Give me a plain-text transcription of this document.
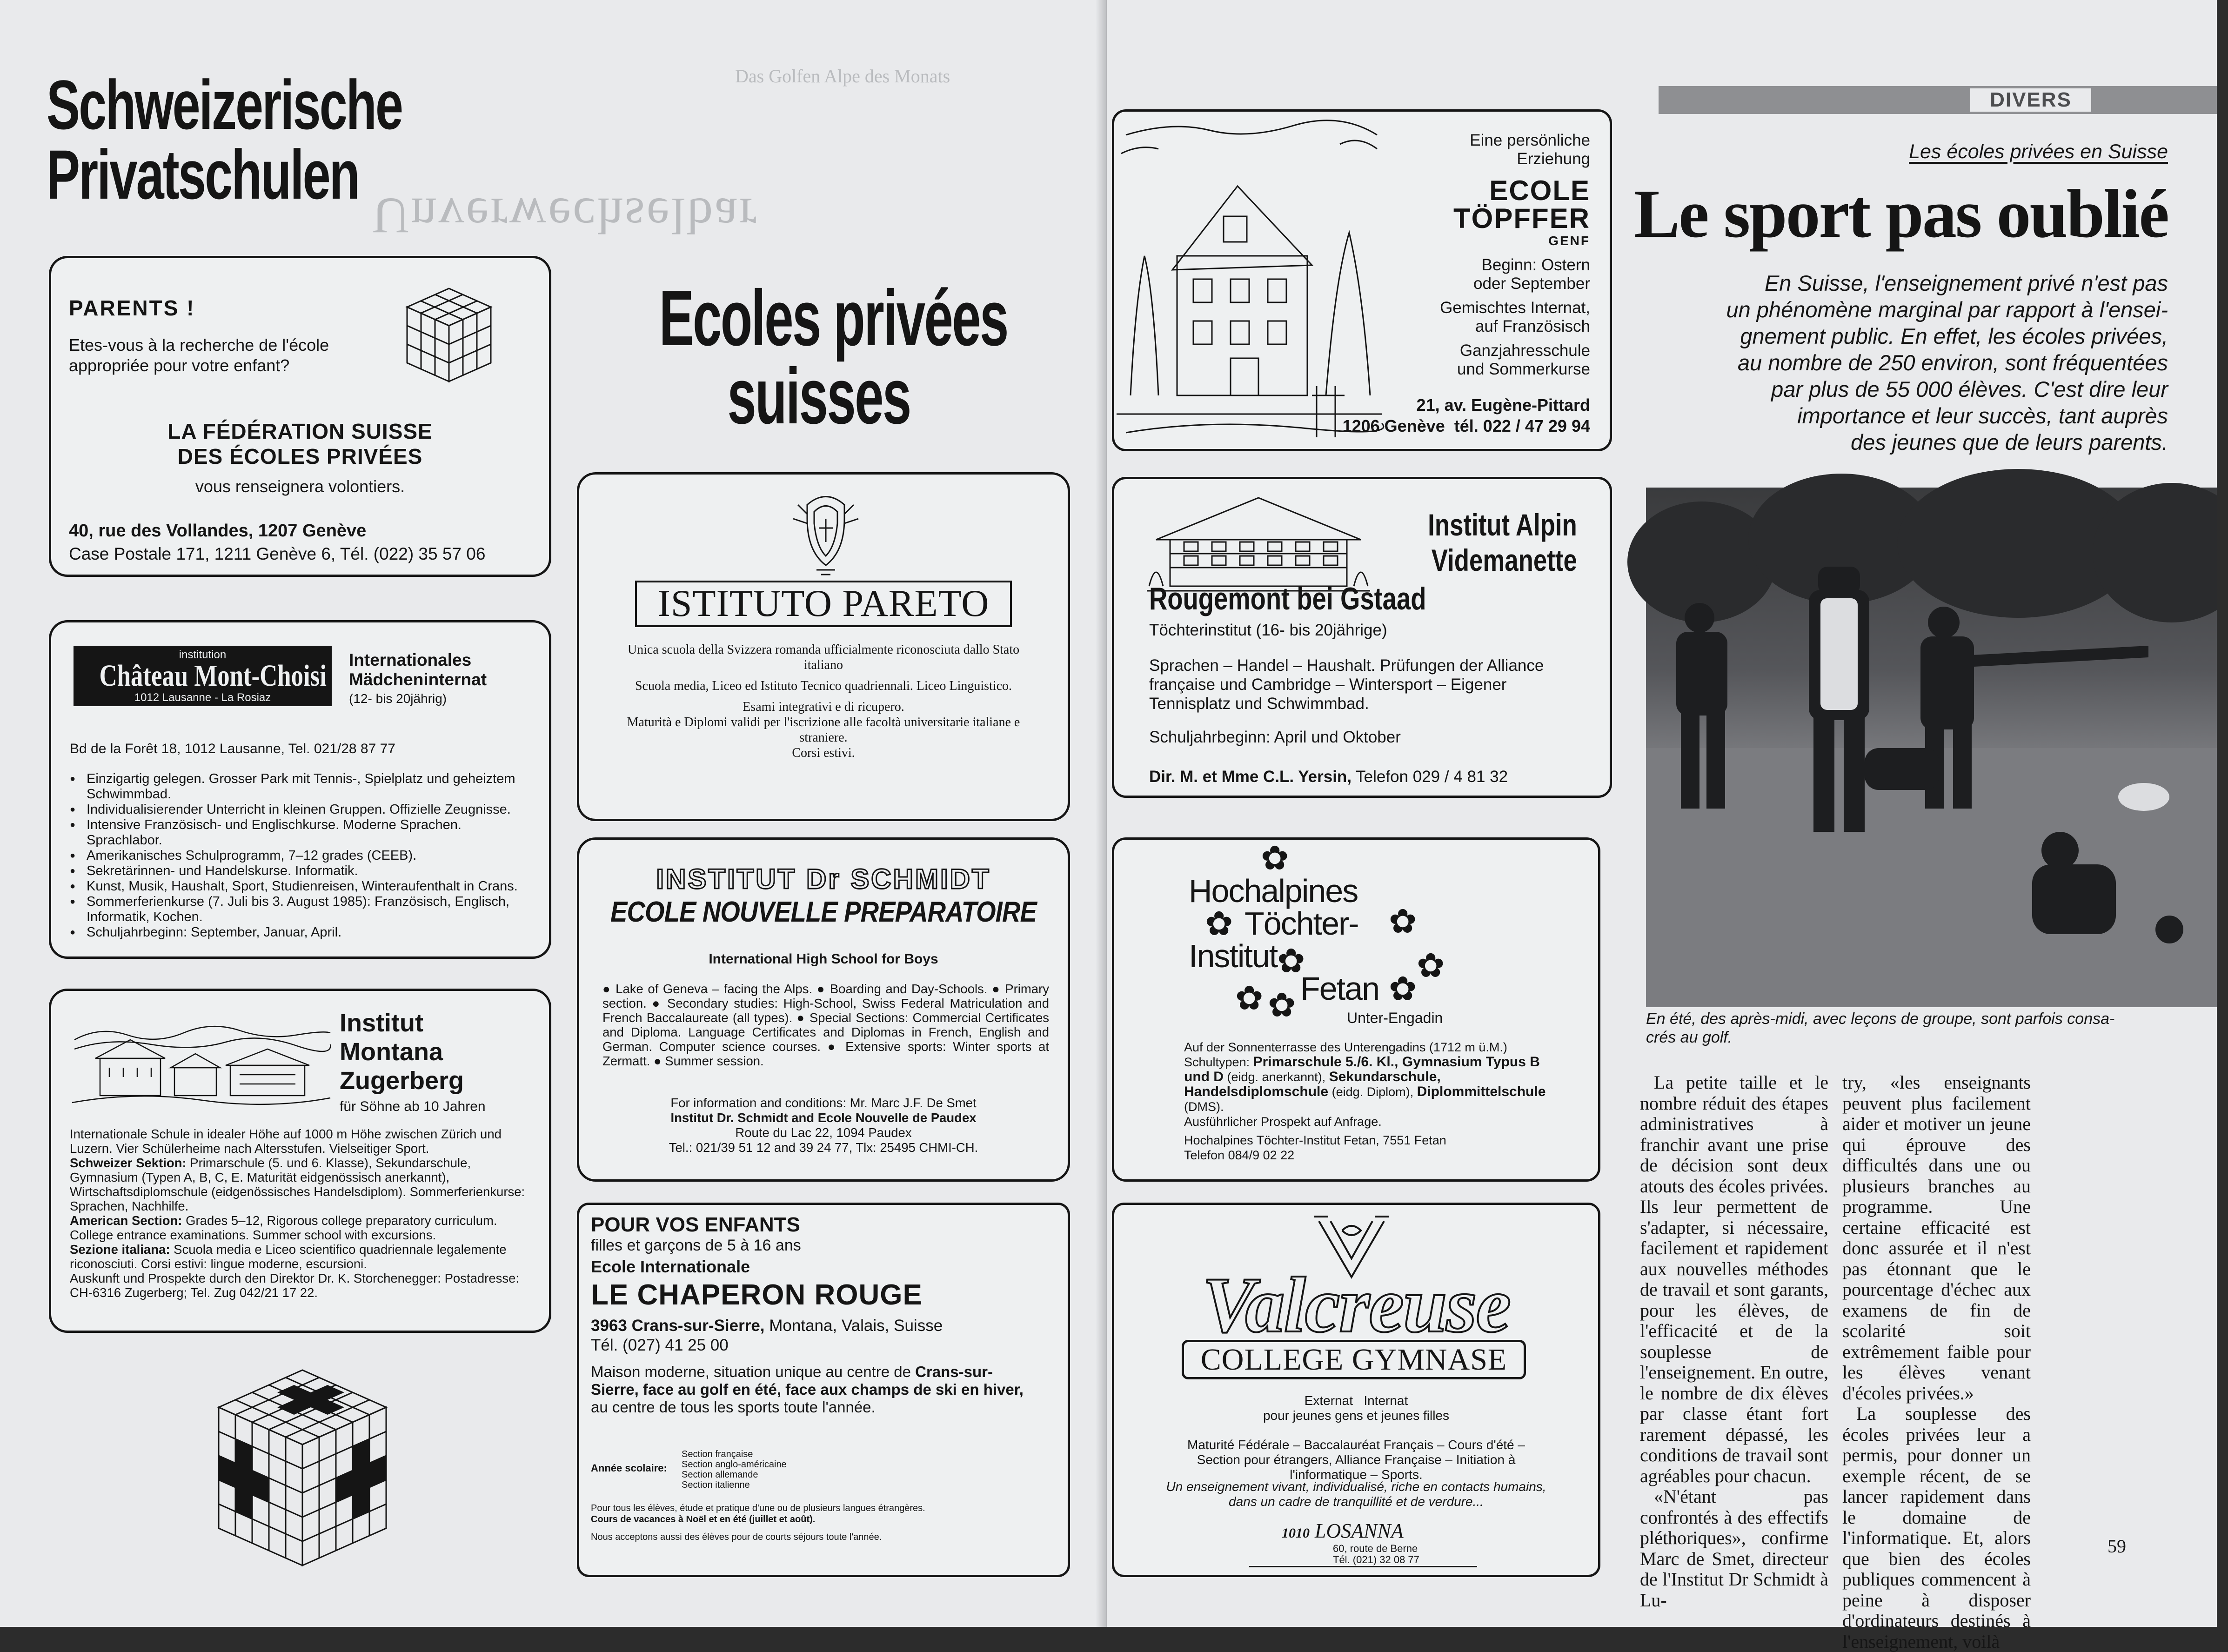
Das Golfen Alpe des Monats
Unverwechselbar
Schweizerische
Privatschulen
Ecoles privées
suisses
PARENTS !
Etes-vous à la recherche de l'école
appropriée pour votre enfant?
LA FÉDÉRATION SUISSE
DES ÉCOLES PRIVÉES
vous renseignera volontiers.
40, rue des Vollandes, 1207 Genève
Case Postale 171, 1211 Genève 6, Tél. (022) 35 57 06
institution
Château Mont-Choisi
1012 Lausanne - La Rosiaz
Internationales
Mädcheninternat
(12- bis 20jährig)
Bd de la Forêt 18, 1012 Lausanne, Tel. 021/28 87 77
● Einzigartig gelegen. Grosser Park mit Tennis-, Spielplatz und geheiztem Schwimmbad.
● Individualisierender Unterricht in kleinen Gruppen. Offizielle Zeugnisse.
● Intensive Französisch- und Englischkurse. Moderne Sprachen. Sprachlabor.
● Amerikanisches Schulprogramm, 7–12 grades (CEEB).
● Sekretärinnen- und Handelskurse. Informatik.
● Kunst, Musik, Haushalt, Sport, Studienreisen, Winteraufenthalt in Crans.
● Sommerferienkurse (7. Juli bis 3. August 1985): Französisch, Englisch, Informatik, Kochen.
● Schuljahrbeginn: September, Januar, April.
Institut
Montana
Zugerberg
für Söhne ab 10 Jahren
Internationale Schule in idealer Höhe auf 1000 m Höhe zwischen Zürich und Luzern. Vier Schülerheime nach Altersstufen. Vielseitiger Sport.
Schweizer Sektion: Primarschule (5. und 6. Klasse), Sekundarschule, Gymnasium (Typen A, B, C, E. Maturität eidgenössisch anerkannt), Wirtschaftsdiplomschule (eidgenössisches Handelsdiplom). Sommerferienkurse: Sprachen, Nachhilfe.
American Section: Grades 5–12, Rigorous college preparatory curriculum. College entrance examinations. Summer school with excursions.
Sezione italiana: Scuola media e Liceo scientifico quadriennale legalemente riconosciuti. Corsi estivi: lingue moderne, escursioni.
Auskunft und Prospekte durch den Direktor Dr. K. Storchenegger: Postadresse: CH-6316 Zugerberg; Tel. Zug 042/21 17 22.
ISTITUTO PARETO
Unica scuola della Svizzera romanda ufficialmente riconosciuta dallo Stato italiano
Scuola media, Liceo ed Istituto Tecnico quadriennali. Liceo Linguistico.
Esami integrativi e di ricupero.
Maturità e Diplomi validi per l'iscrizione alle facoltà universitarie italiane e straniere.
Corsi estivi.
INSTITUT Dr SCHMIDT
ECOLE NOUVELLE PREPARATOIRE
International High School for Boys
● Lake of Geneva – facing the Alps. ● Boarding and Day-Schools. ● Primary section. ● Secondary studies: High-School, Swiss Federal Matriculation and French Baccalaureate (all types). ● Special Sections: Commercial Certificates and Diploma. Language Certificates and Diplomas in French, English and German. Computer science courses. ● Extensive sports: Winter sports at Zermatt. ● Summer session.
For information and conditions: Mr. Marc J.F. De Smet
Institut Dr. Schmidt and Ecole Nouvelle de Paudex
Route du Lac 22, 1094 Paudex
Tel.: 021/39 51 12 and 39 24 77, Tlx: 25495 CHMI-CH.
POUR VOS ENFANTS
filles et garçons de 5 à 16 ans
Ecole Internationale
LE CHAPERON ROUGE
3963 Crans-sur-Sierre, Montana, Valais, Suisse
Tél. (027) 41 25 00
Maison moderne, situation unique au centre de Crans-sur-Sierre, face au golf en été, face aux champs de ski en hiver, au centre de tous les sports toute l'année.
Année scolaire:
Section française
Section anglo-américaine
Section allemande
Section italienne
Pour tous les élèves, étude et pratique d'une ou de plusieurs langues étrangères.
Cours de vacances à Noël et en été (juillet et août).
Nous acceptons aussi des élèves pour de courts séjours toute l'année.
Eine persönliche
Erziehung
ECOLE
TÖPFFER
GENF
Beginn: Ostern
oder September
Gemischtes Internat,
auf Französisch
Ganzjahresschule
und Sommerkurse
21, av. Eugène-Pittard
1206 Genève tél. 022 / 47 29 94
Institut Alpin
Videmanette
Rougemont bei Gstaad
Töchterinstitut (16- bis 20jährige)
Sprachen – Handel – Haushalt. Prüfungen der Alliance française und Cambridge – Wintersport – Eigener Tennisplatz und Schwimmbad.
Schuljahrbeginn: April und Oktober
Dir. M. et Mme C.L. Yersin, Telefon 029 / 4 81 32
✿
✿	✿
✿
✿ ✿
✿
✿
Hochalpines
Töchter-
Institut
Fetan
Unter-Engadin
Auf der Sonnenterrasse des Unterengadins (1712 m ü.M.)
Schultypen: Primarschule 5./6. Kl., Gymnasium Typus B und D (eidg. anerkannt), Sekundarschule, Handelsdiplomschule (eidg. Diplom), Diplommittelschule (DMS).
Ausführlicher Prospekt auf Anfrage.
Hochalpines Töchter-Institut Fetan, 7551 Fetan
Telefon 084/9 02 22
Valcreuse
COLLEGE GYMNASE
Externat   Internat
pour jeunes gens et jeunes filles
Maturité Fédérale – Baccalauréat Français – Cours d'été – Section pour étrangers, Alliance Française – Initiation à l'informatique – Sports.
Un enseignement vivant, individualisé, riche en contacts humains, dans un cadre de tranquillité et de verdure...
1010 LOSANNA
60, route de Berne
Tél. (021) 32 08 77
DIVERS
Les écoles privées en Suisse
Le sport pas oublié
En Suisse, l'enseignement privé n'est pas
un phénomène marginal par rapport à l'ensei-
gnement public. En effet, les écoles privées,
au nombre de 250 environ, sont fréquentées
par plus de 55 000 élèves. C'est dire leur
importance et leur succès, tant auprès
des jeunes que de leurs parents.
En été, des après-midi, avec leçons de groupe, sont parfois consa-
crés au golf.

La petite taille et le nombre réduit des étapes administratives à franchir avant une prise de décision sont deux atouts des écoles privées. Ils leur permettent de s'adapter, si nécessaire, facilement et rapidement aux nouvelles méthodes de travail et sont garants, pour les élèves, de l'efficacité et de la souplesse de l'enseignement. En outre, le nombre de dix élèves par classe étant fort rarement dépassé, les conditions de travail sont agréables pour chacun.

«N'étant pas confrontés à des effectifs pléthoriques», confirme Marc de Smet, directeur de l'Institut Dr Schmidt à Lu-

try, «les enseignants peuvent plus facilement aider et motiver un jeune qui éprouve des difficultés dans une ou plusieurs branches au programme. Une certaine efficacité est donc assurée et il n'est pas étonnant que le pourcentage d'échec aux examens de fin de scolarité soit extrêmement faible pour les élèves venant d'écoles privées.»

La souplesse des écoles privées leur a permis, pour donner un exemple récent, de se lancer rapidement dans le domaine de l'informatique. Et, alors que bien des écoles publiques commencent à peine à disposer d'ordinateurs destinés à l'enseignement, voilà

59
